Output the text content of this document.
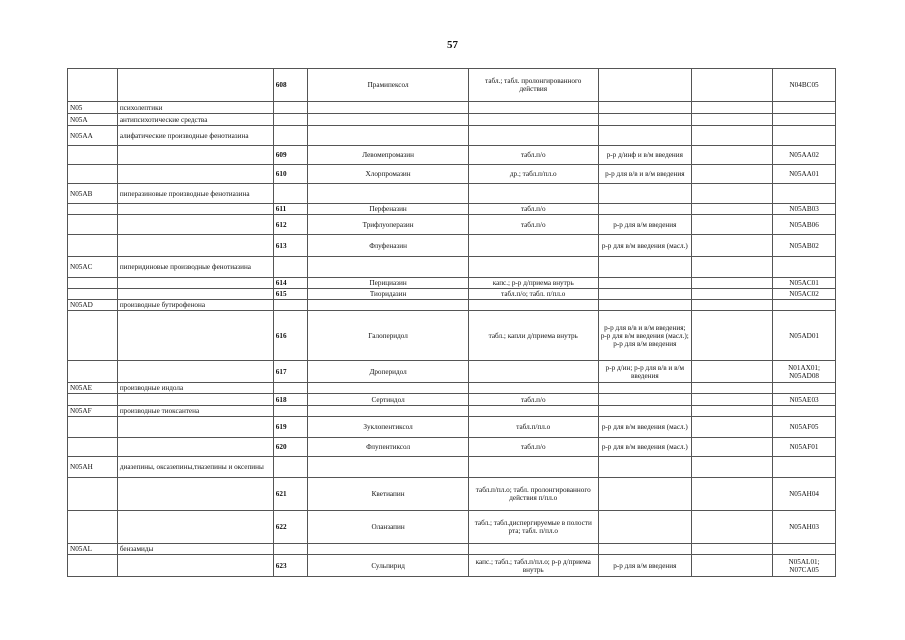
57
		608	Прамипексол	табл.; табл. пролонгированного действия			N04BC05
N05	психолептики						
N05A	антипсихотические средства						
N05AA	алифатические производные фенотиазина						
		609	Левомепромазин	табл.п/о	р-р д/инф и в/м введения		N05AA02
		610	Хлорпромазин	др.; табл.п/пл.о	р-р для в/в и в/м введения		N05AA01
N05AB	пиперазиновые производные фенотиазина						
		611	Перфеназин	табл.п/о			N05AB03
		612	Трифлуоперазин	табл.п/о	р-р для в/м введения		N05AB06
		613	Флуфеназин		р-р для в/м введения (масл.)		N05AB02
N05AC	пиперидиновые производные фенотиазина						
		614	Перициазин	капс.; р-р д/приема внутрь			N05AC01
		615	Тиоридазин	табл.п/о; табл. п/пл.о			N05AC02
N05AD	производные бутирофенона						
		616	Галоперидол	табл.; капли д/приема внутрь	р-р для в/в и в/м введения; р-р для в/м введения (масл.); р-р для в/м введения		N05AD01
		617	Дроперидол		р-р д/ин; р-р для в/в и в/м введения		N01AX01; N05AD08
N05AE	производные индола						
		618	Сертиндол	табл.п/о			N05AE03
N05AF	производные тиоксантена						
		619	Зуклопентиксол	табл.п/пл.о	р-р для в/м введения (масл.)		N05AF05
		620	Флупентиксол	табл.п/о	р-р для в/м введения (масл.)		N05AF01
N05AH	диазепины, оксазепины,тиазепины и оксепины						
		621	Кветиапин	табл.п/пл.о; табл. пролонгированного действия п/пл.о			N05AH04
		622	Оланзапин	табл.; табл.диспергируемые в полости рта; табл. п/пл.о			N05AH03
N05AL	бензамиды						
		623	Сульпирид	капс.; табл.; табл.п/пл.о; р-р д/приема внутрь	р-р для в/м введения		N05AL01; N07CA05
